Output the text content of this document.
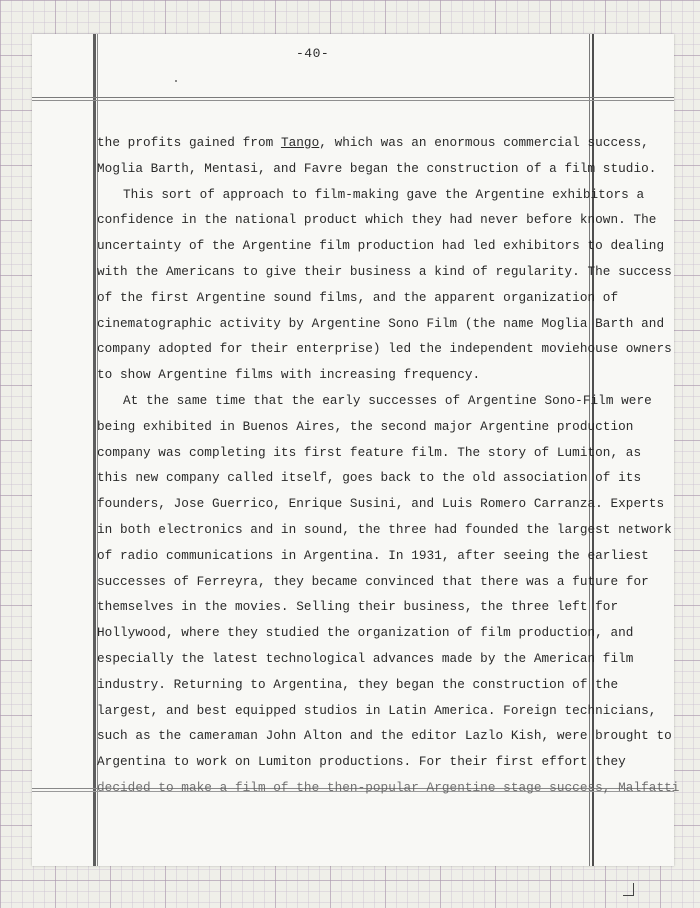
-40-
the profits gained from Tango, which was an enormous commercial success,
Moglia Barth, Mentasi, and Favre began the construction of a film studio.
This sort of approach to film-making gave the Argentine exhibitors a
confidence in the national product which they had never before known. The
uncertainty of the Argentine film production had led exhibitors to dealing
with the Americans to give their business a kind of regularity. The success
of the first Argentine sound films, and the apparent organization of
cinematographic activity by Argentine Sono Film (the name Moglia Barth and
company adopted for their enterprise) led the independent moviehouse owners
to show Argentine films with increasing frequency.
At the same time that the early successes of Argentine Sono-Film were
being exhibited in Buenos Aires, the second major Argentine production
company was completing its first feature film. The story of Lumiton, as
this new company called itself, goes back to the old association of its
founders, Jose Guerrico, Enrique Susini, and Luis Romero Carranza. Experts
in both electronics and in sound, the three had founded the largest network
of radio communications in Argentina. In 1931, after seeing the earliest
successes of Ferreyra, they became convinced that there was a future for
themselves in the movies. Selling their business, the three left for
Hollywood, where they studied the organization of film production, and
especially the latest technological advances made by the American film
industry. Returning to Argentina, they began the construction of the
largest, and best equipped studios in Latin America. Foreign technicians,
such as the cameraman John Alton and the editor Lazlo Kish, were brought to
Argentina to work on Lumiton productions. For their first effort they
decided to make a film of the then-popular Argentine stage success, Malfatti
